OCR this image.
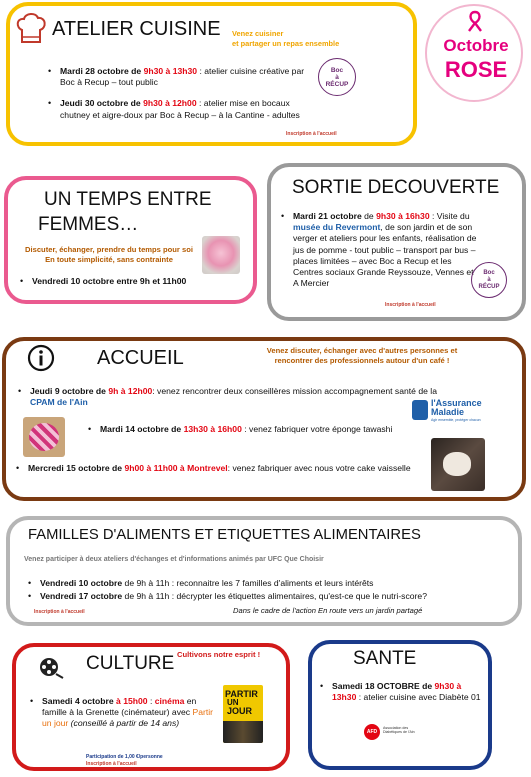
Octobre
ROSE
ATELIER CUISINE Venez cuisiner
et partager un repas ensemble
• Mardi 28 octobre de 9h30 à 13h30 : atelier cuisine créative par Boc à Recup – tout public
• Jeudi 30 octobre de 9h30 à 12h00 : atelier mise en bocaux chutney et aigre-doux par Boc à Recup – à la Cantine - adultes
Inscription à l'accueil
Boc
à
RÉCUP
UN TEMPS ENTRE
FEMMES…
Discuter, échanger, prendre du temps pour soi
En toute simplicité, sans contrainte
• Vendredi 10 octobre entre 9h et 11h00
SORTIE DECOUVERTE
• Mardi 21 octobre de 9h30 à 16h30 : Visite du musée du Revermont, de son jardin et de son verger et ateliers pour les enfants, réalisation de jus de pomme - tout public – transport par bus – places limitées – avec Boc a Recup et les Centres sociaux Grande Reyssouze, Vennes et A Mercier
Inscription à l'accueil
Boc
à
RÉCUP
ACCUEIL	Venez discuter, échanger avec d'autres personnes et
rencontrer des professionnels autour d'un café !
• Jeudi 9 octobre de 9h à 12h00: venez rencontrer deux conseillères mission accompagnement santé de la CPAM de l'Ain
• Mardi 14 octobre de 13h30 à 16h00 : venez fabriquer votre éponge tawashi
• Mercredi 15 octobre de 9h00 à 11h00 à Montrevel: venez fabriquer avec nous votre cake vaisselle
l'Assurance
Maladie
Agir ensemble, protéger chacun
FAMILLES D'ALIMENTS ET ETIQUETTES ALIMENTAIRES
Venez participer à deux ateliers d'échanges et d'informations animés par UFC Que Choisir
• Vendredi 10 octobre de 9h à 11h : reconnaitre les 7 familles d'aliments et leurs intérêts
• Vendredi 17 octobre de 9h à 11h : décrypter les étiquettes alimentaires, qu'est-ce que le nutri-score?
Inscription à l'accueil	Dans le cadre de l'action En route vers un jardin partagé
CULTURE Cultivons notre esprit !
• Samedi 4 octobre à 15h00 : cinéma en famille à la Grenette (cinémateur) avec Partir un jour (conseillé à partir de 14 ans)
Participation de 1,00 €/personne
Inscription à l'accueil
PARTIR
UN
JOUR
SANTE
• Samedi 18 OCTOBRE de 9h30 à 13h30 : atelier cuisine avec Diabète 01
AFD
Association des Diabétiques de l'Ain
